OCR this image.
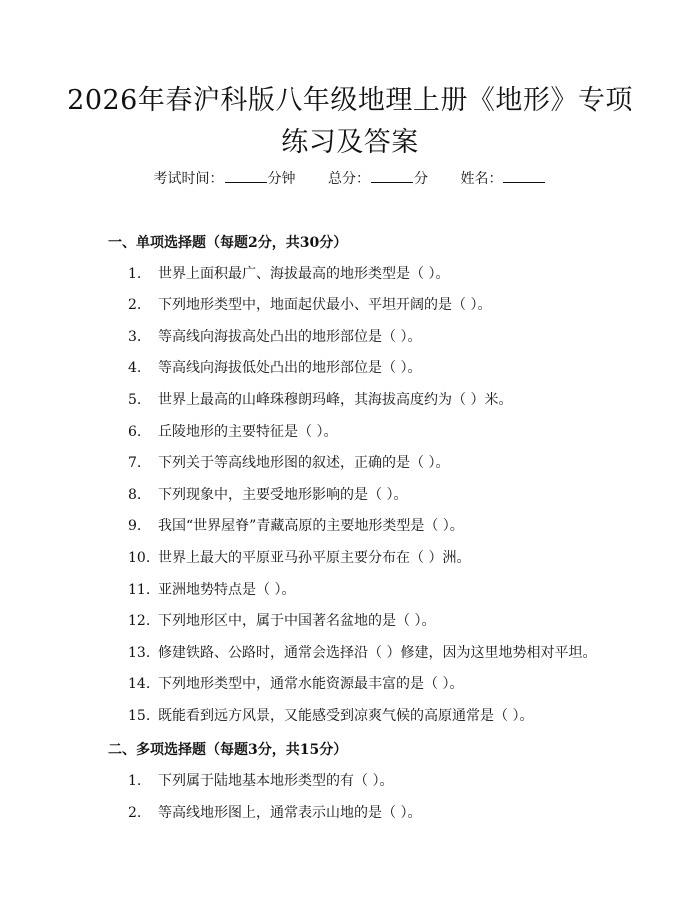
2026年春沪科版八年级地理上册《地形》专项练习及答案
考试时间：	分钟 总分：	分 姓名：
一、单项选择题（每题2分，共30分）
1. 世界上面积最广、海拔最高的地形类型是（ ）。
2. 下列地形类型中，地面起伏最小、平坦开阔的是（ ）。
3. 等高线向海拔高处凸出的地形部位是（ ）。
4. 等高线向海拔低处凸出的地形部位是（ ）。
5. 世界上最高的山峰珠穆朗玛峰，其海拔高度约为（ ）米。
6. 丘陵地形的主要特征是（ ）。
7. 下列关于等高线地形图的叙述，正确的是（ ）。
8. 下列现象中，主要受地形影响的是（ ）。
9. 我国“世界屋脊”青藏高原的主要地形类型是（ ）。
10. 世界上最大的平原亚马孙平原主要分布在（ ）洲。
11. 亚洲地势特点是（ ）。
12. 下列地形区中，属于中国著名盆地的是（ ）。
13. 修建铁路、公路时，通常会选择沿（ ）修建，因为这里地势相对平坦。
14. 下列地形类型中，通常水能资源最丰富的是（ ）。
15. 既能看到远方风景，又能感受到凉爽气候的高原通常是（ ）。
二、多项选择题（每题3分，共15分）
1. 下列属于陆地基本地形类型的有（ ）。
2. 等高线地形图上，通常表示山地的是（ ）。
